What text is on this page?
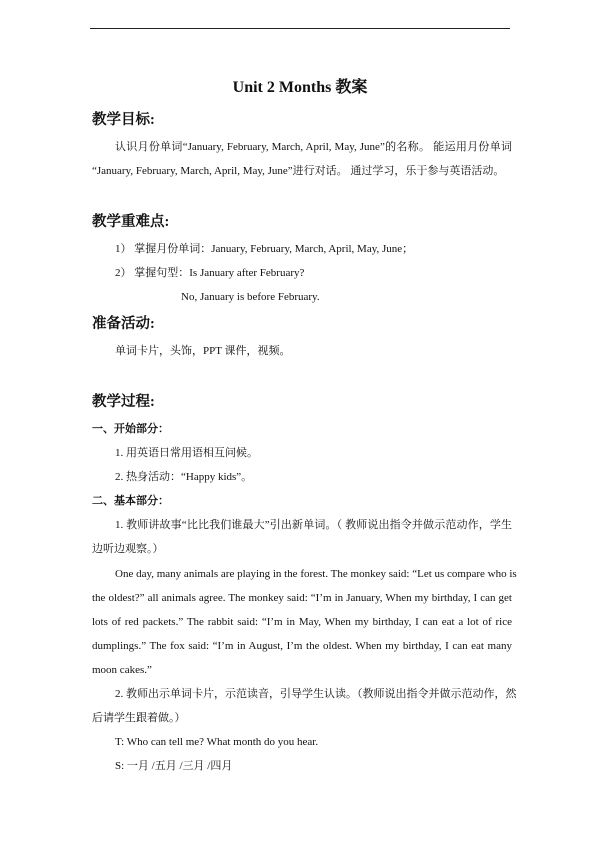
Unit 2 Months 教案
教学目标:
认识月份单词“January, February, March, April, May, June”的名称。 能运用月份单词
“January, February, March, April, May, June”进行对话。 通过学习，乐于参与英语活动。
教学重难点:
1） 掌握月份单词：January, February, March, April, May, June；
2） 掌握句型：Is January after February?
No, January is before February.
准备活动:
单词卡片，头饰，PPT 课件，视频。
教学过程:
一、开始部分：
1. 用英语日常用语相互问候。
2. 热身活动：“Happy kids”。
二、基本部分：
1. 教师讲故事“比比我们谁最大”引出新单词。（ 教师说出指令并做示范动作，学生
边听边观察。）
One day, many animals are playing in the forest. The monkey said: “Let us compare who is
the oldest?” all animals agree. The monkey said: “I’m in January, When my birthday, I can get
lots of red packets.” The rabbit said: “I’m in May, When my birthday, I can eat a lot of rice
dumplings.” The fox said: “I’m in August, I’m the oldest. When my birthday, I can eat many
moon cakes.”
2. 教师出示单词卡片，示范读音，引导学生认读。（教师说出指令并做示范动作，然
后请学生跟着做。）
T: Who can tell me? What month do you hear.
S: 一月 /五月 /三月 /四月
